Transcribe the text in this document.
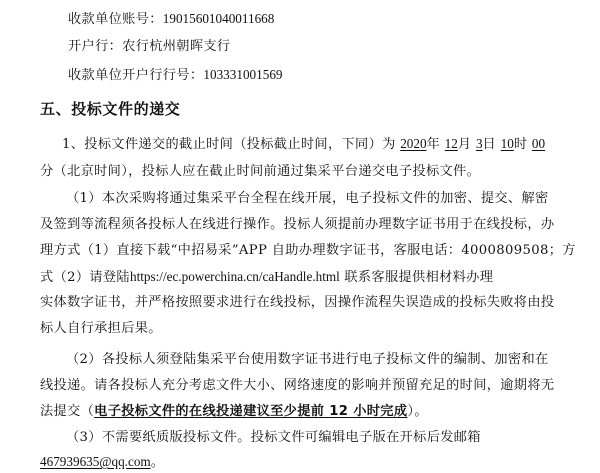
收款单位账号：19015601040011668
开户行：农行杭州朝晖支行
收款单位开户行行号：103331001569
五、投标文件的递交
1、投标文件递交的截止时间（投标截止时间，下同）为 2020年 12月 3日 10时 00
分（北京时间），投标人应在截止时间前通过集采平台递交电子投标文件。
（1）本次采购将通过集采平台全程在线开展，电子投标文件的加密、提交、解密
及签到等流程须各投标人在线进行操作。投标人须提前办理数字证书用于在线投标，办
理方式（1）直接下载“中招易采”APP 自助办理数字证书，客服电话：4000809508；方
式（2）请登陆https://ec.powerchina.cn/caHandle.html 联系客服提供相材料办理
实体数字证书，并严格按照要求进行在线投标，因操作流程失误造成的投标失败将由投
标人自行承担后果。
（2）各投标人须登陆集采平台使用数字证书进行电子投标文件的编制、加密和在
线投递。请各投标人充分考虑文件大小、网络速度的影响并预留充足的时间，逾期将无
法提交（电子投标文件的在线投递建议至少提前 12 小时完成）。
（3）不需要纸质版投标文件。投标文件可编辑电子版在开标后发邮箱
467939635@qq.com。
